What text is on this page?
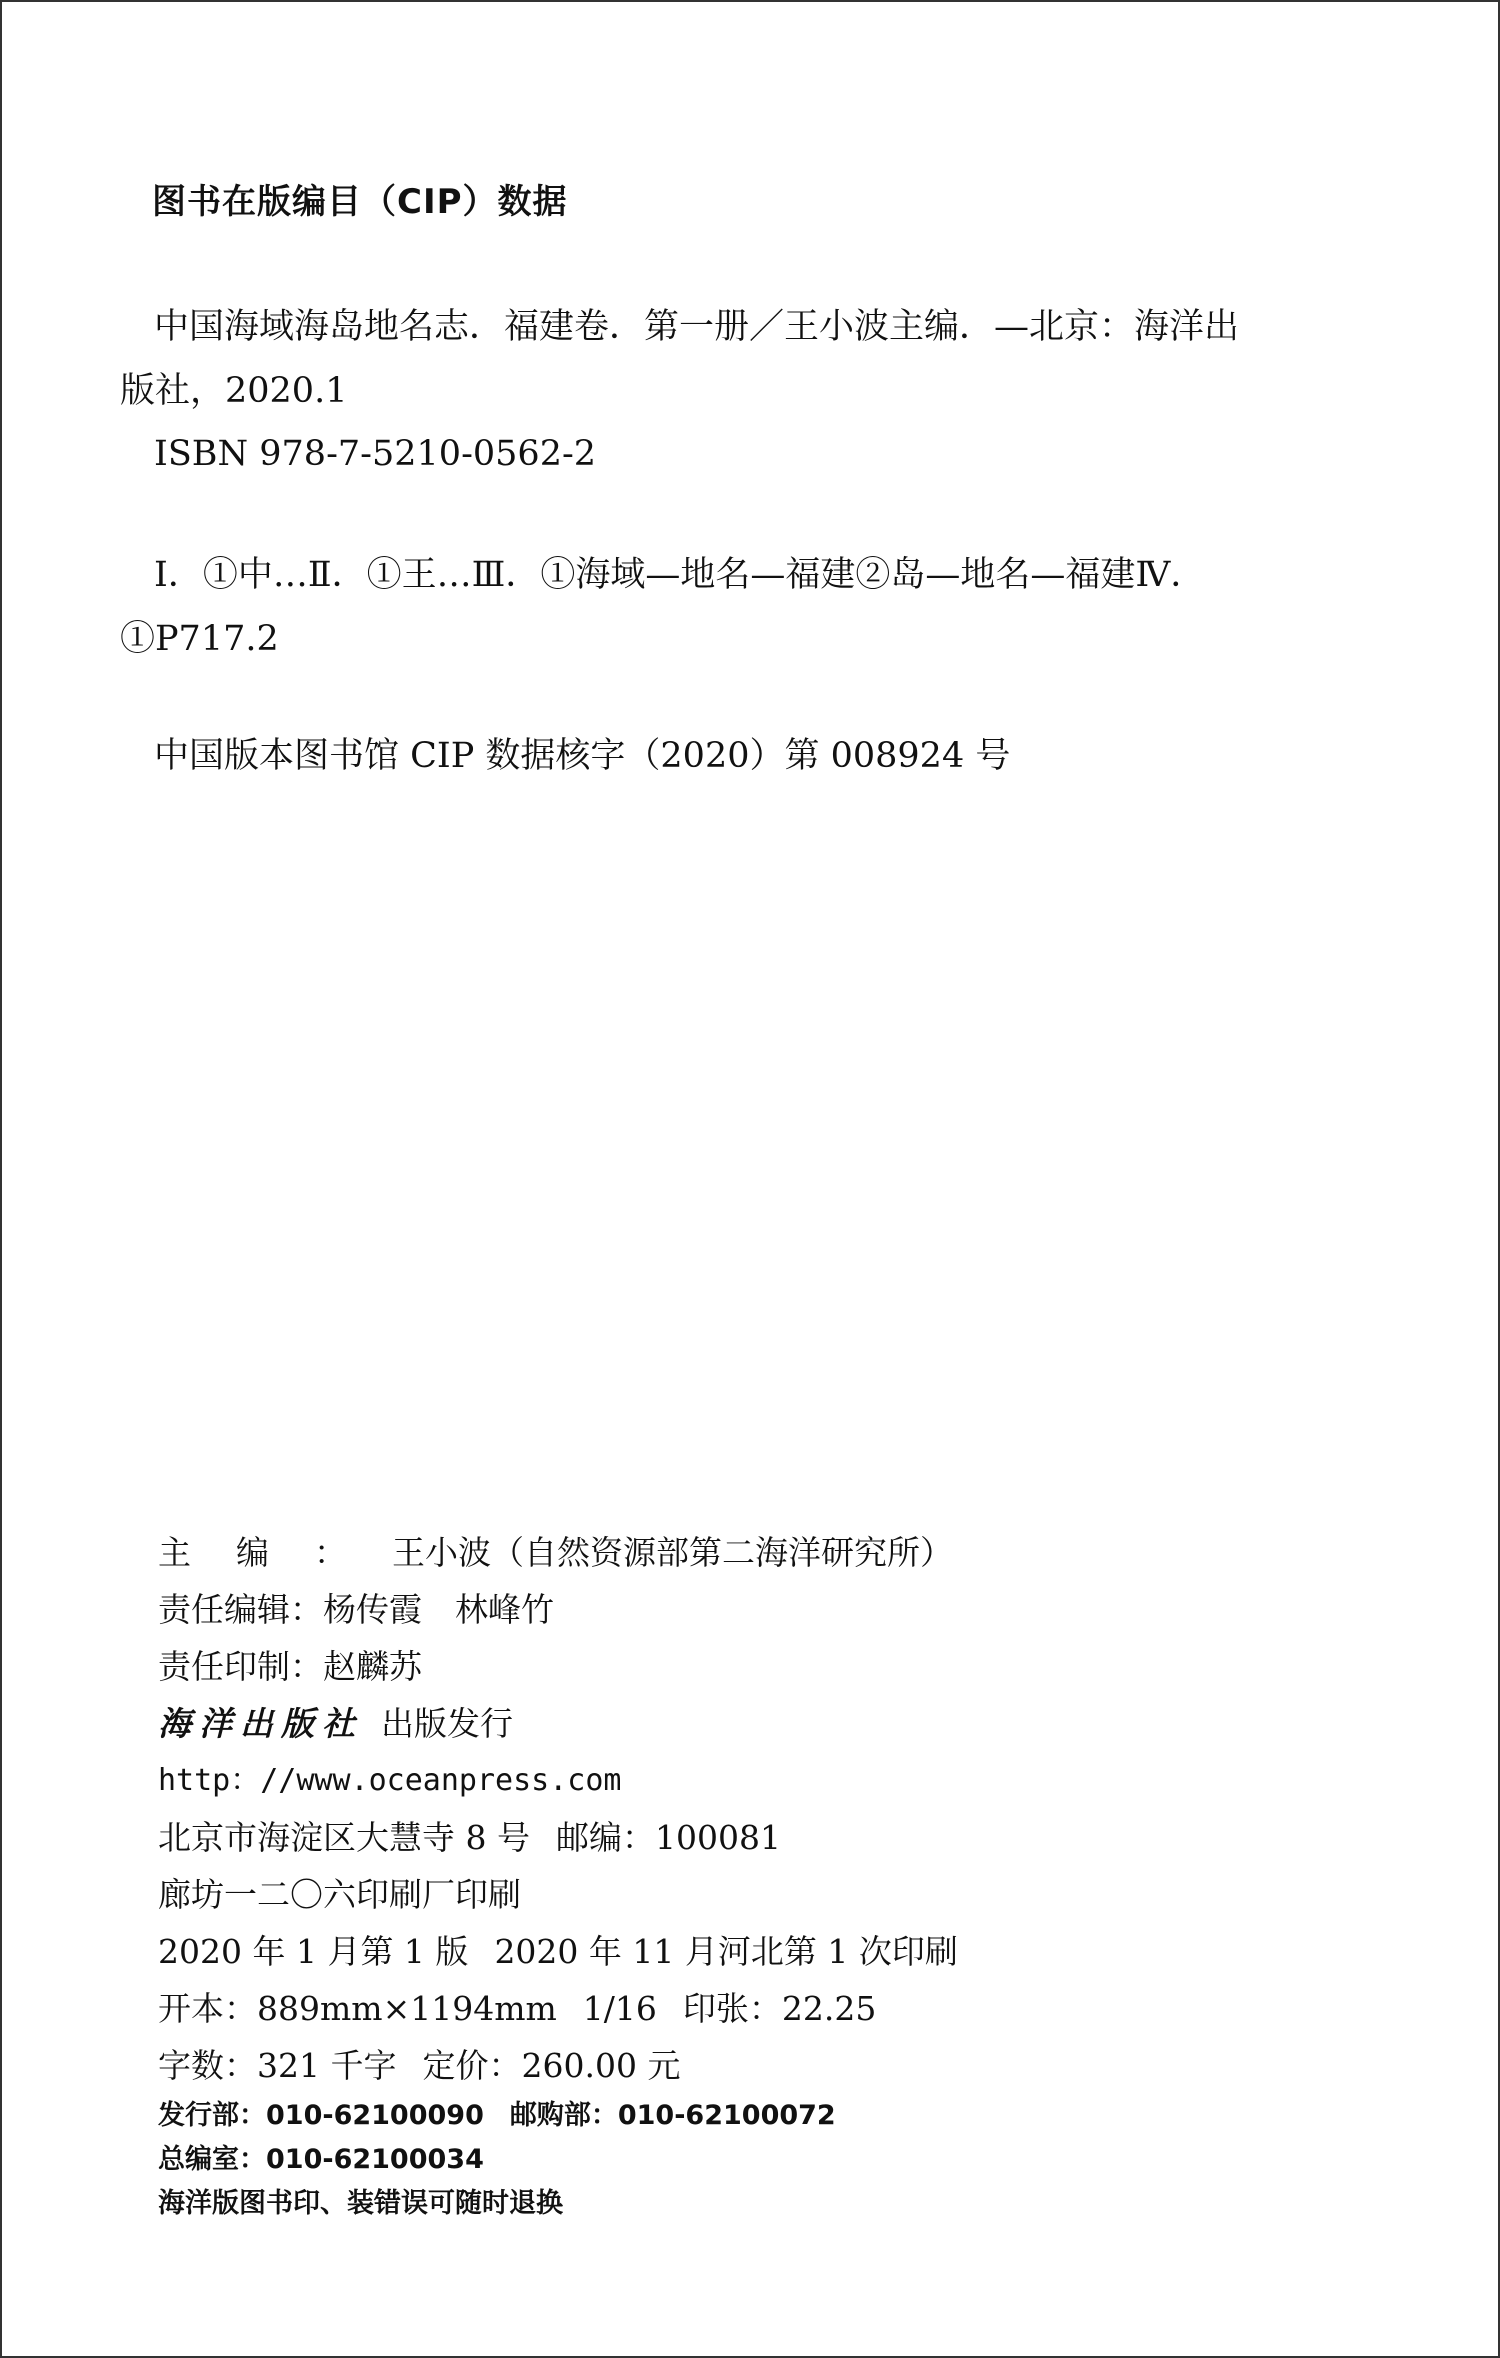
图书在版编目（CIP）数据

中国海域海岛地名志．福建卷．第一册／王小波主编．—北京：海洋出版社，2020.1

ISBN 978-7-5210-0562-2

Ⅰ．①中…Ⅱ．①王…Ⅲ．①海域—地名—福建②岛—地名—福建Ⅳ．①P717.2

中国版本图书馆 CIP 数据核字（2020）第 008924 号

主编：王小波（自然资源部第二海洋研究所）
责任编辑：杨传霞　林峰竹
责任印制：赵麟苏
海洋出版社 出版发行
http：//www.oceanpress.com
北京市海淀区大慧寺 8 号 邮编：100081
廊坊一二〇六印刷厂印刷
2020 年 1 月第 1 版 2020 年 11 月河北第 1 次印刷
开本：889mm×1194mm 1/16 印张：22.25
字数：321 千字 定价：260.00 元
发行部：010-62100090 邮购部：010-62100072
总编室：010-62100034
海洋版图书印、装错误可随时退换
